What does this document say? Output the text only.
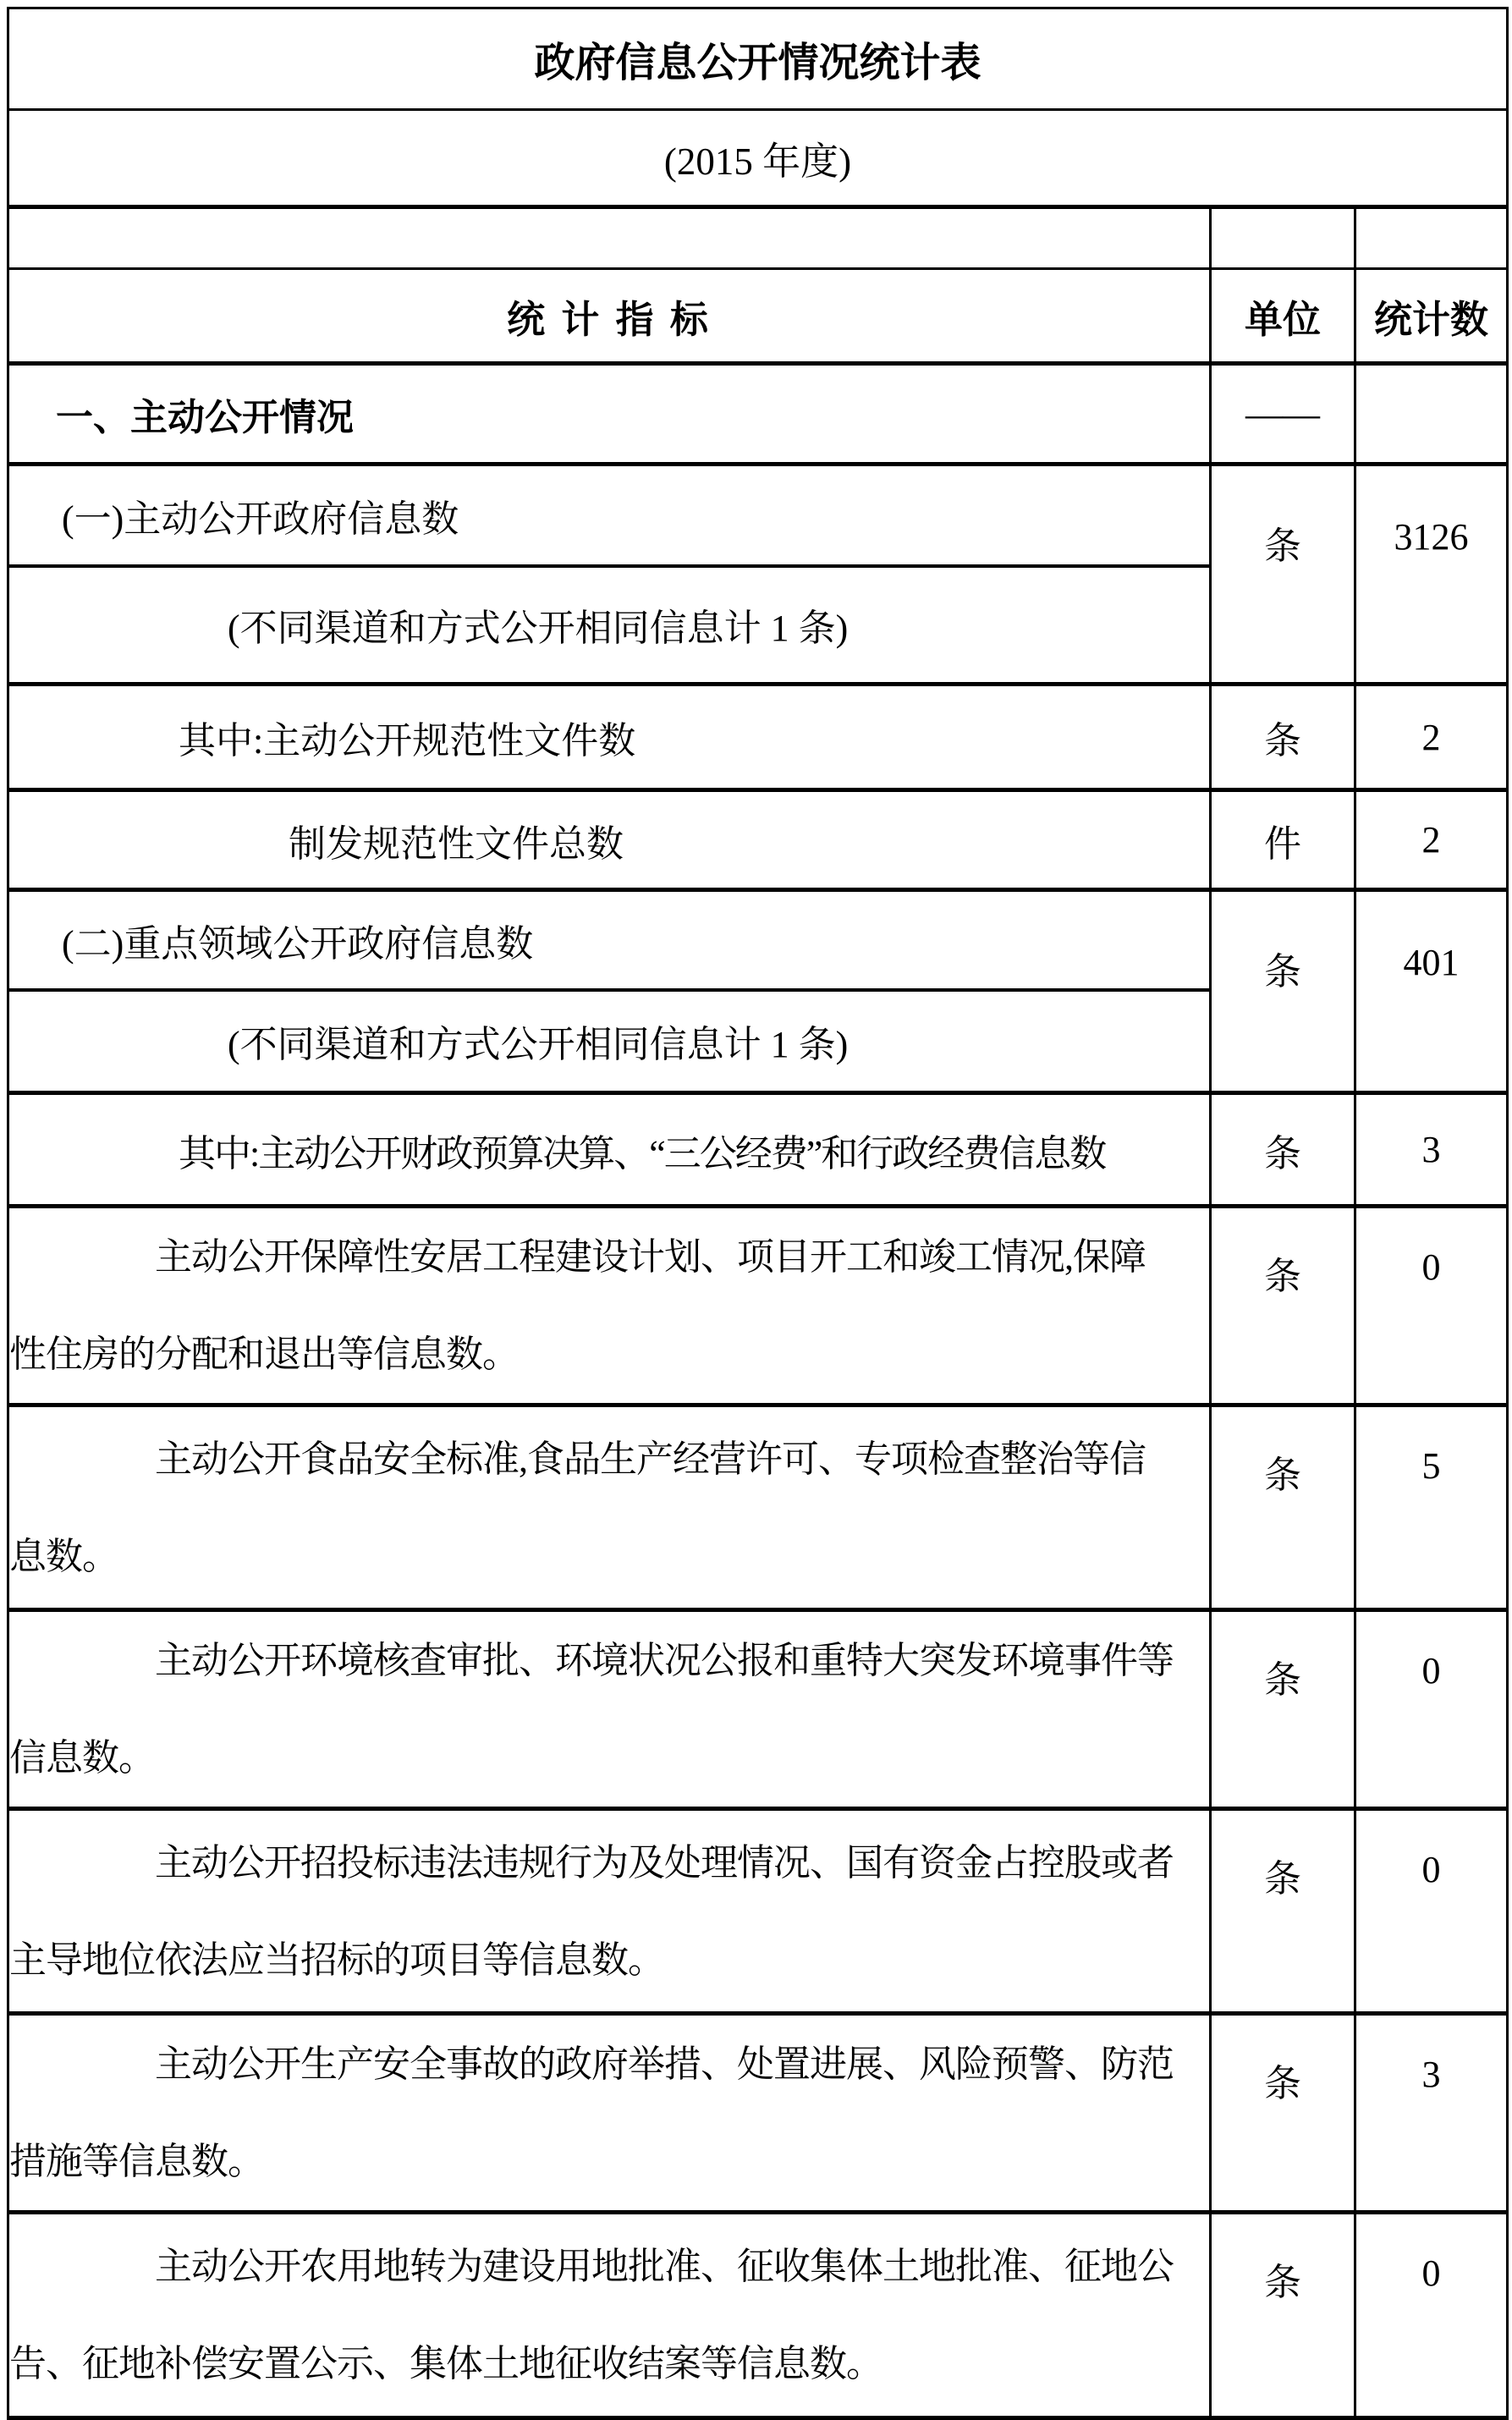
政府信息公开情况统计表		
(2015 年度)		

统 计 指 标	单位	统计数
一、主动公开情况	——	
(一)主动公开政府信息数	条	3126
(不同渠道和方式公开相同信息计 1 条)		
其中:主动公开规范性文件数	条	2
制发规范性文件总数	件	2
(二)重点领域公开政府信息数	条	401
(不同渠道和方式公开相同信息计 1 条)		
其中:主动公开财政预算决算、“三公经费”和行政经费信息数	条	3

主动公开保障性安居工程建设计划、项目开工和竣工情况,保障
性住房的分配和退出等信息数。	条	0

主动公开食品安全标准,食品生产经营许可、专项检查整治等信
息数。	条	5

主动公开环境核查审批、环境状况公报和重特大突发环境事件等
信息数。	条	0

主动公开招投标违法违规行为及处理情况、国有资金占控股或者
主导地位依法应当招标的项目等信息数。	条	0

主动公开生产安全事故的政府举措、处置进展、风险预警、防范
措施等信息数。	条	3

主动公开农用地转为建设用地批准、征收集体土地批准、征地公
告、征地补偿安置公示、集体土地征收结案等信息数。	条	0
